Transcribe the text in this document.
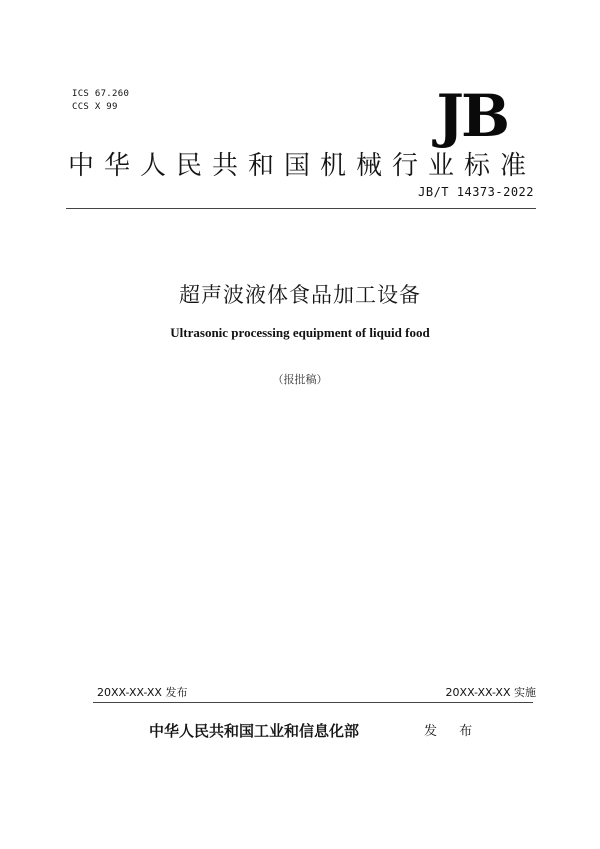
ICS 67.260
CCS X 99	JB
中华人民共和国机械行业标准
JB/T 14373-2022
超声波液体食品加工设备
Ultrasonic processing equipment of liquid food
（报批稿）
20XX-XX-XX 发布	20XX-XX-XX 实施
中华人民共和国工业和信息化部	发 布
